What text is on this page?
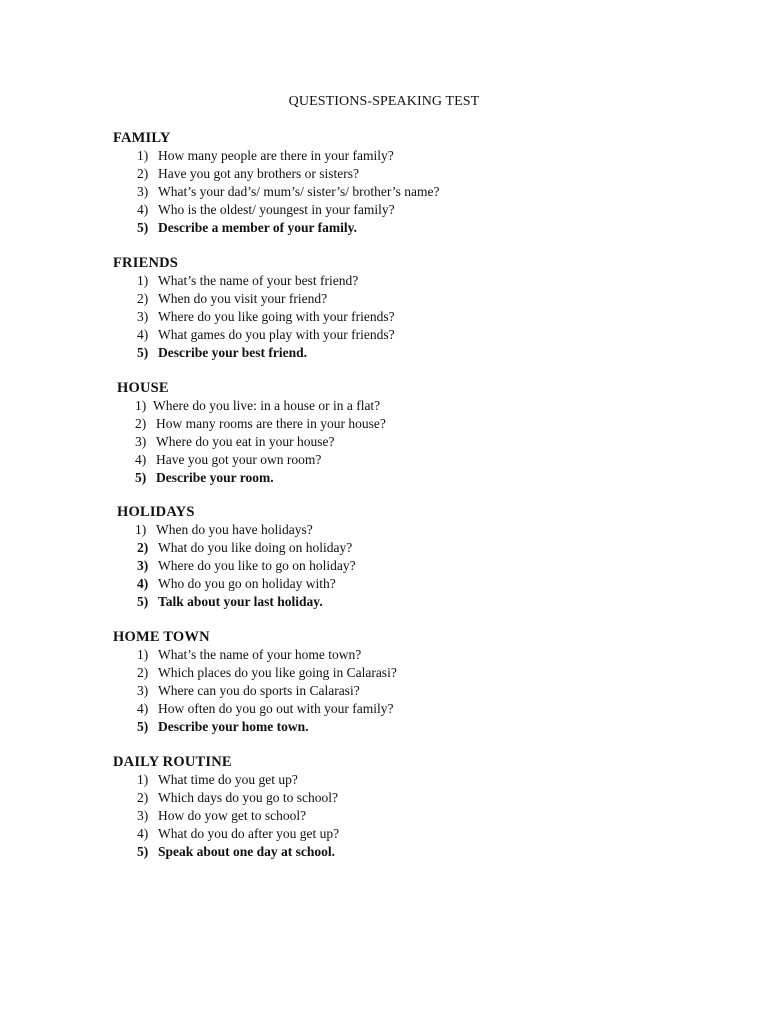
QUESTIONS-SPEAKING TEST
FAMILY
1) How many people are there in your family?
2) Have you got any brothers or sisters?
3) What’s your dad’s/ mum’s/ sister’s/ brother’s name?
4) Who is the oldest/ youngest in your family?
5) Describe a member of your family.
FRIENDS
1) What’s the name of your best friend?
2) When do you visit your friend?
3) Where do you like going with your friends?
4) What games do you play with your friends?
5) Describe your best friend.
HOUSE
1) Where do you live: in a house or in a flat?
2) How many rooms are there in your house?
3) Where do you eat in your house?
4) Have you got your own room?
5) Describe your room.
HOLIDAYS
1) When do you have holidays?
2) What do you like doing on holiday?
3) Where do you like to go on holiday?
4) Who do you go on holiday with?
5) Talk about your last holiday.
HOME TOWN
1) What’s the name of your home town?
2) Which places do you like going in Calarasi?
3) Where can you do sports in Calarasi?
4) How often do you go out with your family?
5) Describe your home town.
DAILY ROUTINE
1) What time do you get up?
2) Which days do you go to school?
3) How do yow get to school?
4) What do you do after you get up?
5) Speak about one day at school.
